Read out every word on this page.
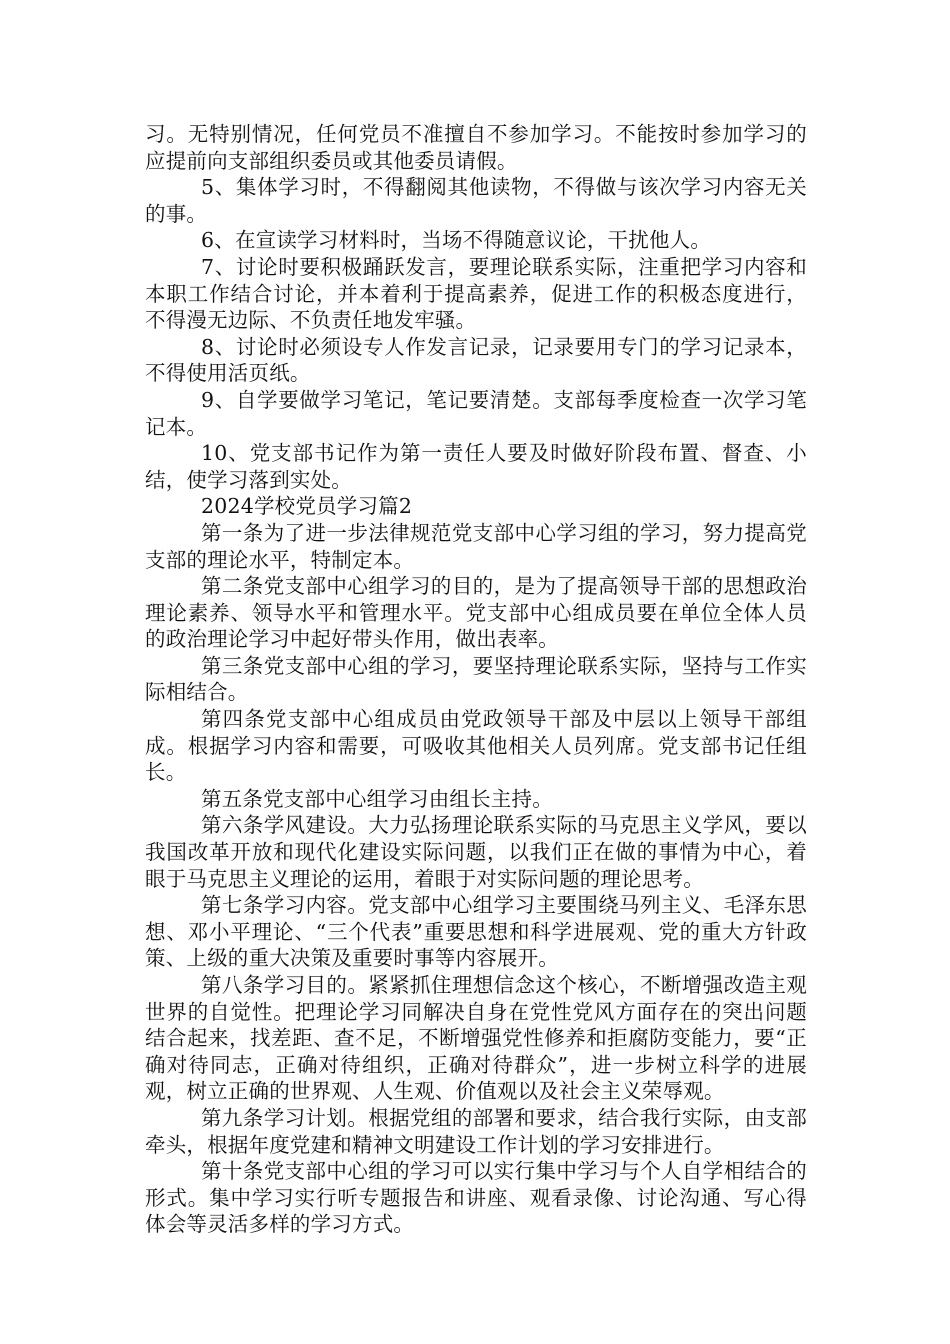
习。无特别情况，任何党员不准擅自不参加学习。不能按时参加学习的应提前向支部组织委员或其他委员请假。

5、集体学习时，不得翻阅其他读物，不得做与该次学习内容无关的事。

6、在宣读学习材料时，当场不得随意议论，干扰他人。

7、讨论时要积极踊跃发言，要理论联系实际，注重把学习内容和本职工作结合讨论，并本着利于提高素养，促进工作的积极态度进行，不得漫无边际、不负责任地发牢骚。

8、讨论时必须设专人作发言记录，记录要用专门的学习记录本，不得使用活页纸。

9、自学要做学习笔记，笔记要清楚。支部每季度检查一次学习笔记本。

10、党支部书记作为第一责任人要及时做好阶段布置、督查、小结，使学习落到实处。

2024学校党员学习篇2

第一条为了进一步法律规范党支部中心学习组的学习，努力提高党支部的理论水平，特制定本。

第二条党支部中心组学习的目的，是为了提高领导干部的思想政治理论素养、领导水平和管理水平。党支部中心组成员要在单位全体人员的政治理论学习中起好带头作用，做出表率。

第三条党支部中心组的学习，要坚持理论联系实际，坚持与工作实际相结合。

第四条党支部中心组成员由党政领导干部及中层以上领导干部组成。根据学习内容和需要，可吸收其他相关人员列席。党支部书记任组长。

第五条党支部中心组学习由组长主持。

第六条学风建设。大力弘扬理论联系实际的马克思主义学风，要以我国改革开放和现代化建设实际问题，以我们正在做的事情为中心，着眼于马克思主义理论的运用，着眼于对实际问题的理论思考。

第七条学习内容。党支部中心组学习主要围绕马列主义、毛泽东思想、邓小平理论、“三个代表”重要思想和科学进展观、党的重大方针政策、上级的重大决策及重要时事等内容展开。

第八条学习目的。紧紧抓住理想信念这个核心，不断增强改造主观世界的自觉性。把理论学习同解决自身在党性党风方面存在的突出问题结合起来，找差距、查不足，不断增强党性修养和拒腐防变能力，要“正确对待同志，正确对待组织，正确对待群众”，进一步树立科学的进展观，树立正确的世界观、人生观、价值观以及社会主义荣辱观。

第九条学习计划。根据党组的部署和要求，结合我行实际，由支部牵头，根据年度党建和精神文明建设工作计划的学习安排进行。

第十条党支部中心组的学习可以实行集中学习与个人自学相结合的形式。集中学习实行听专题报告和讲座、观看录像、讨论沟通、写心得体会等灵活多样的学习方式。
